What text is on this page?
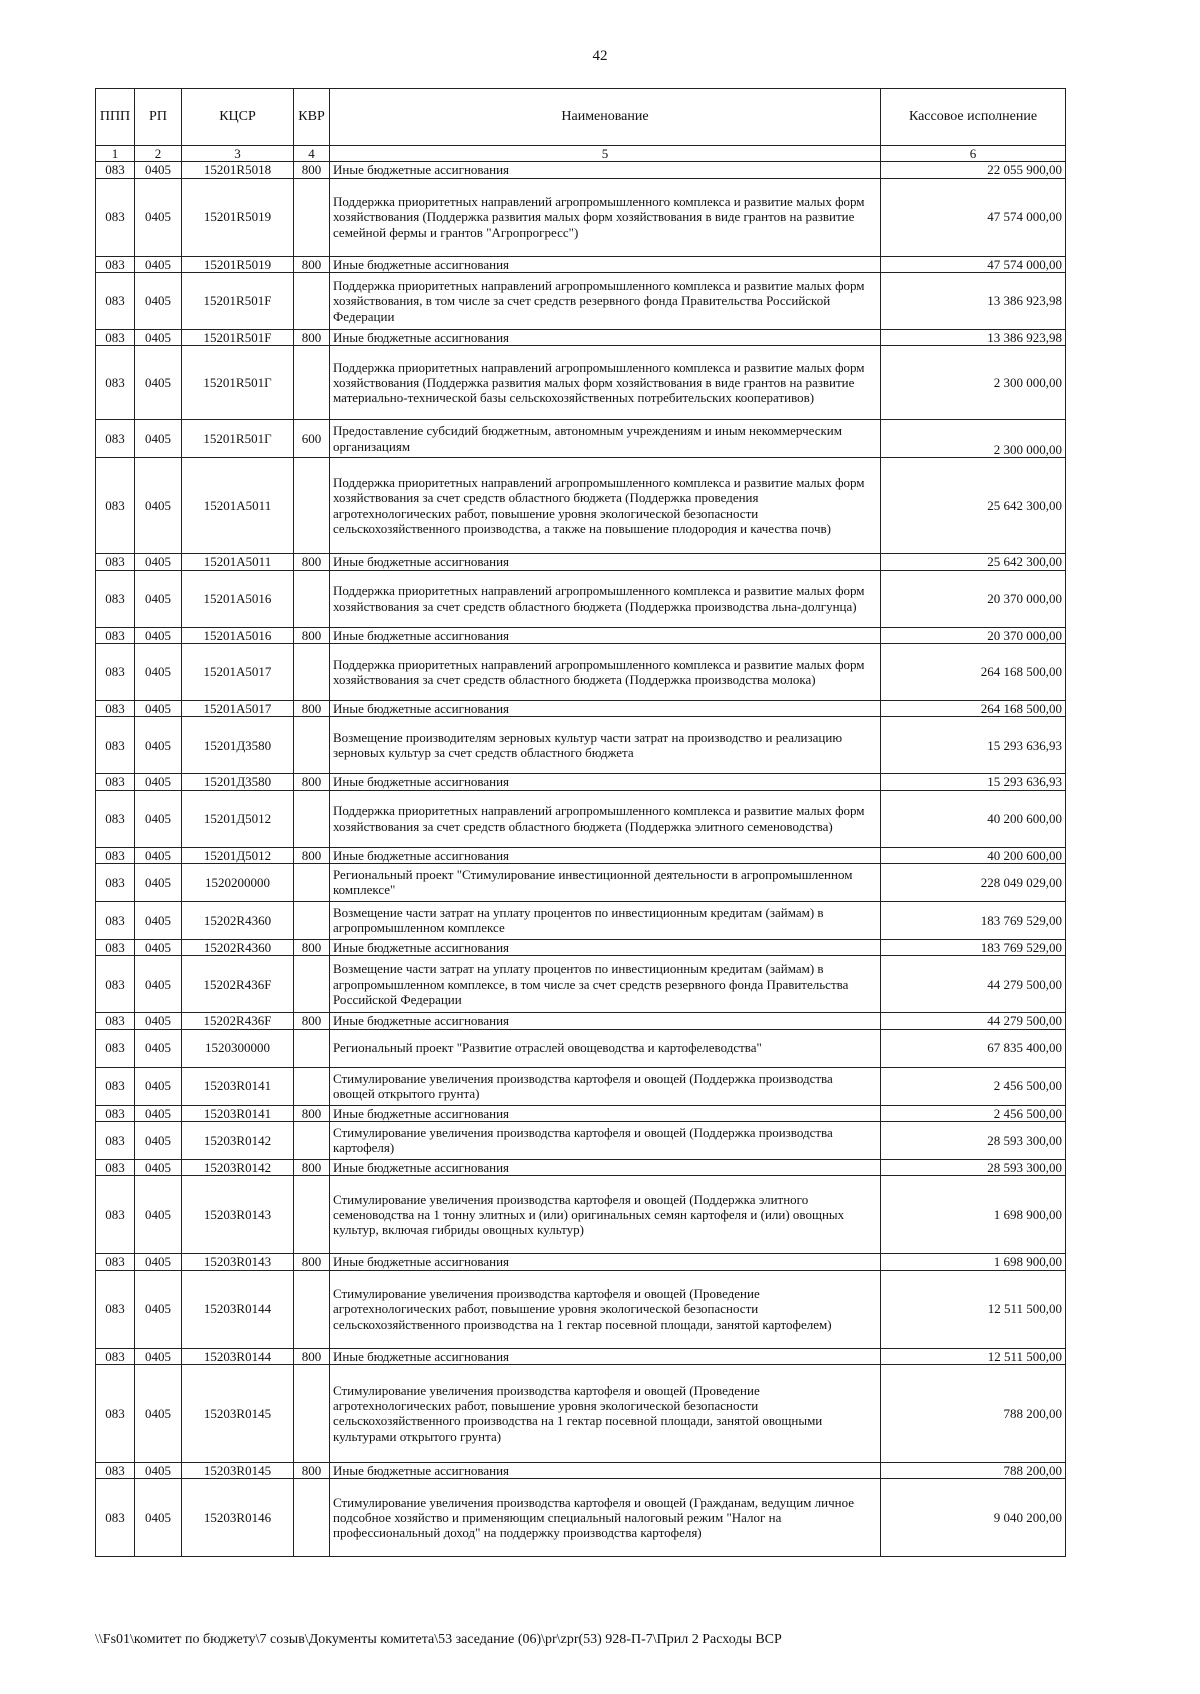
42
ППП	РП	КЦСР	КВР	Наименование	Кассовое исполнение
1	2	3	4	5	6
083	0405	15201R5018	800	Иные бюджетные ассигнования	22 055 900,00
083	0405	15201R5019		Поддержка приоритетных направлений агропромышленного комплекса и развитие малых форм хозяйствования (Поддержка развития малых форм хозяйствования в виде грантов на развитие семейной фермы и грантов "Агропрогресс")	47 574 000,00
083	0405	15201R5019	800	Иные бюджетные ассигнования	47 574 000,00
083	0405	15201R501F		Поддержка приоритетных направлений агропромышленного комплекса и развитие малых форм хозяйствования, в том числе за счет средств резервного фонда Правительства Российской Федерации	13 386 923,98
083	0405	15201R501F	800	Иные бюджетные ассигнования	13 386 923,98
083	0405	15201R501Г		Поддержка приоритетных направлений агропромышленного комплекса и развитие малых форм хозяйствования (Поддержка развития малых форм хозяйствования в виде грантов на развитие материально-технической базы сельскохозяйственных потребительских кооперативов)	2 300 000,00
083	0405	15201R501Г	600	Предоставление субсидий бюджетным, автономным учреждениям и иным некоммерческим организациям	2 300 000,00
083	0405	15201A5011		Поддержка приоритетных направлений агропромышленного комплекса и развитие малых форм хозяйствования за счет средств областного бюджета (Поддержка проведения агротехнологических работ, повышение уровня экологической безопасности сельскохозяйственного производства, а также на повышение плодородия и качества почв)	25 642 300,00
083	0405	15201A5011	800	Иные бюджетные ассигнования	25 642 300,00
083	0405	15201A5016		Поддержка приоритетных направлений агропромышленного комплекса и развитие малых форм хозяйствования за счет средств областного бюджета (Поддержка производства льна-долгунца)	20 370 000,00
083	0405	15201A5016	800	Иные бюджетные ассигнования	20 370 000,00
083	0405	15201A5017		Поддержка приоритетных направлений агропромышленного комплекса и развитие малых форм хозяйствования за счет средств областного бюджета (Поддержка производства молока)	264 168 500,00
083	0405	15201A5017	800	Иные бюджетные ассигнования	264 168 500,00
083	0405	15201Д3580		Возмещение производителям зерновых культур части затрат на производство и реализацию зерновых культур за счет средств областного бюджета	15 293 636,93
083	0405	15201Д3580	800	Иные бюджетные ассигнования	15 293 636,93
083	0405	15201Д5012		Поддержка приоритетных направлений агропромышленного комплекса и развитие малых форм хозяйствования за счет средств областного бюджета (Поддержка элитного семеноводства)	40 200 600,00
083	0405	15201Д5012	800	Иные бюджетные ассигнования	40 200 600,00
083	0405	1520200000		Региональный проект "Стимулирование инвестиционной деятельности в агропромышленном комплексе"	228 049 029,00
083	0405	15202R4360		Возмещение части затрат на уплату процентов по инвестиционным кредитам (займам) в агропромышленном комплексе	183 769 529,00
083	0405	15202R4360	800	Иные бюджетные ассигнования	183 769 529,00
083	0405	15202R436F		Возмещение части затрат на уплату процентов по инвестиционным кредитам (займам) в агропромышленном комплексе, в том числе за счет средств резервного фонда Правительства Российской Федерации	44 279 500,00
083	0405	15202R436F	800	Иные бюджетные ассигнования	44 279 500,00
083	0405	1520300000		Региональный проект "Развитие отраслей овощеводства и картофелеводства"	67 835 400,00
083	0405	15203R0141		Стимулирование увеличения производства картофеля и овощей (Поддержка производства овощей открытого грунта)	2 456 500,00
083	0405	15203R0141	800	Иные бюджетные ассигнования	2 456 500,00
083	0405	15203R0142		Стимулирование увеличения производства картофеля и овощей (Поддержка производства картофеля)	28 593 300,00
083	0405	15203R0142	800	Иные бюджетные ассигнования	28 593 300,00
083	0405	15203R0143		Стимулирование увеличения производства картофеля и овощей (Поддержка элитного семеноводства на 1 тонну элитных и (или) оригинальных семян картофеля и (или) овощных культур, включая гибриды овощных культур)	1 698 900,00
083	0405	15203R0143	800	Иные бюджетные ассигнования	1 698 900,00
083	0405	15203R0144		Стимулирование увеличения производства картофеля и овощей (Проведение агротехнологических работ, повышение уровня экологической безопасности сельскохозяйственного производства на 1 гектар посевной площади, занятой картофелем)	12 511 500,00
083	0405	15203R0144	800	Иные бюджетные ассигнования	12 511 500,00
083	0405	15203R0145		Стимулирование увеличения производства картофеля и овощей (Проведение агротехнологических работ, повышение уровня экологической безопасности сельскохозяйственного производства на 1 гектар посевной площади, занятой овощными культурами открытого грунта)	788 200,00
083	0405	15203R0145	800	Иные бюджетные ассигнования	788 200,00
083	0405	15203R0146		Стимулирование увеличения производства картофеля и овощей (Гражданам, ведущим личное подсобное хозяйство и применяющим специальный налоговый режим "Налог на профессиональный доход" на поддержку производства картофеля)	9 040 200,00
\\Fs01\комитет по бюджету\7 созыв\Документы комитета\53 заседание (06)\pr\zpr(53) 928-П-7\Прил 2 Расходы ВСР
